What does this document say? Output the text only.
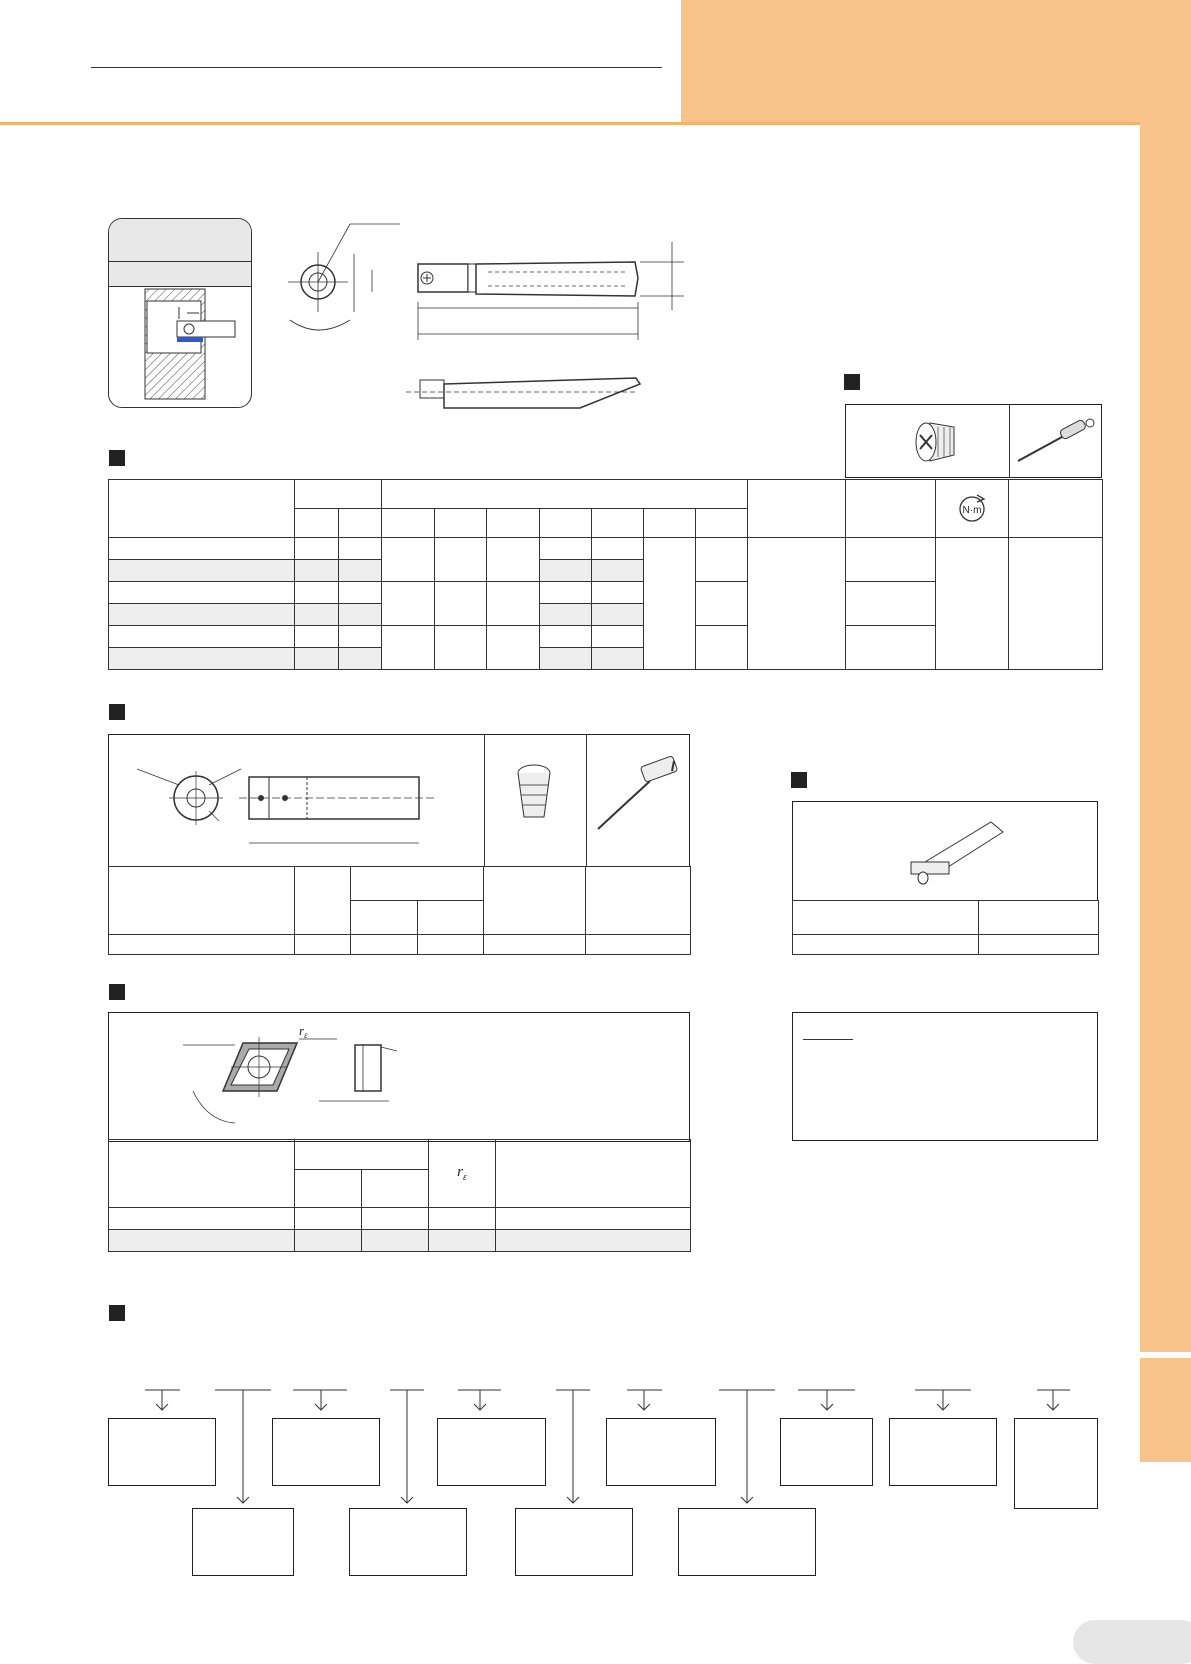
N·m	

$r_\varepsilon$
			$r_\varepsilon$	
